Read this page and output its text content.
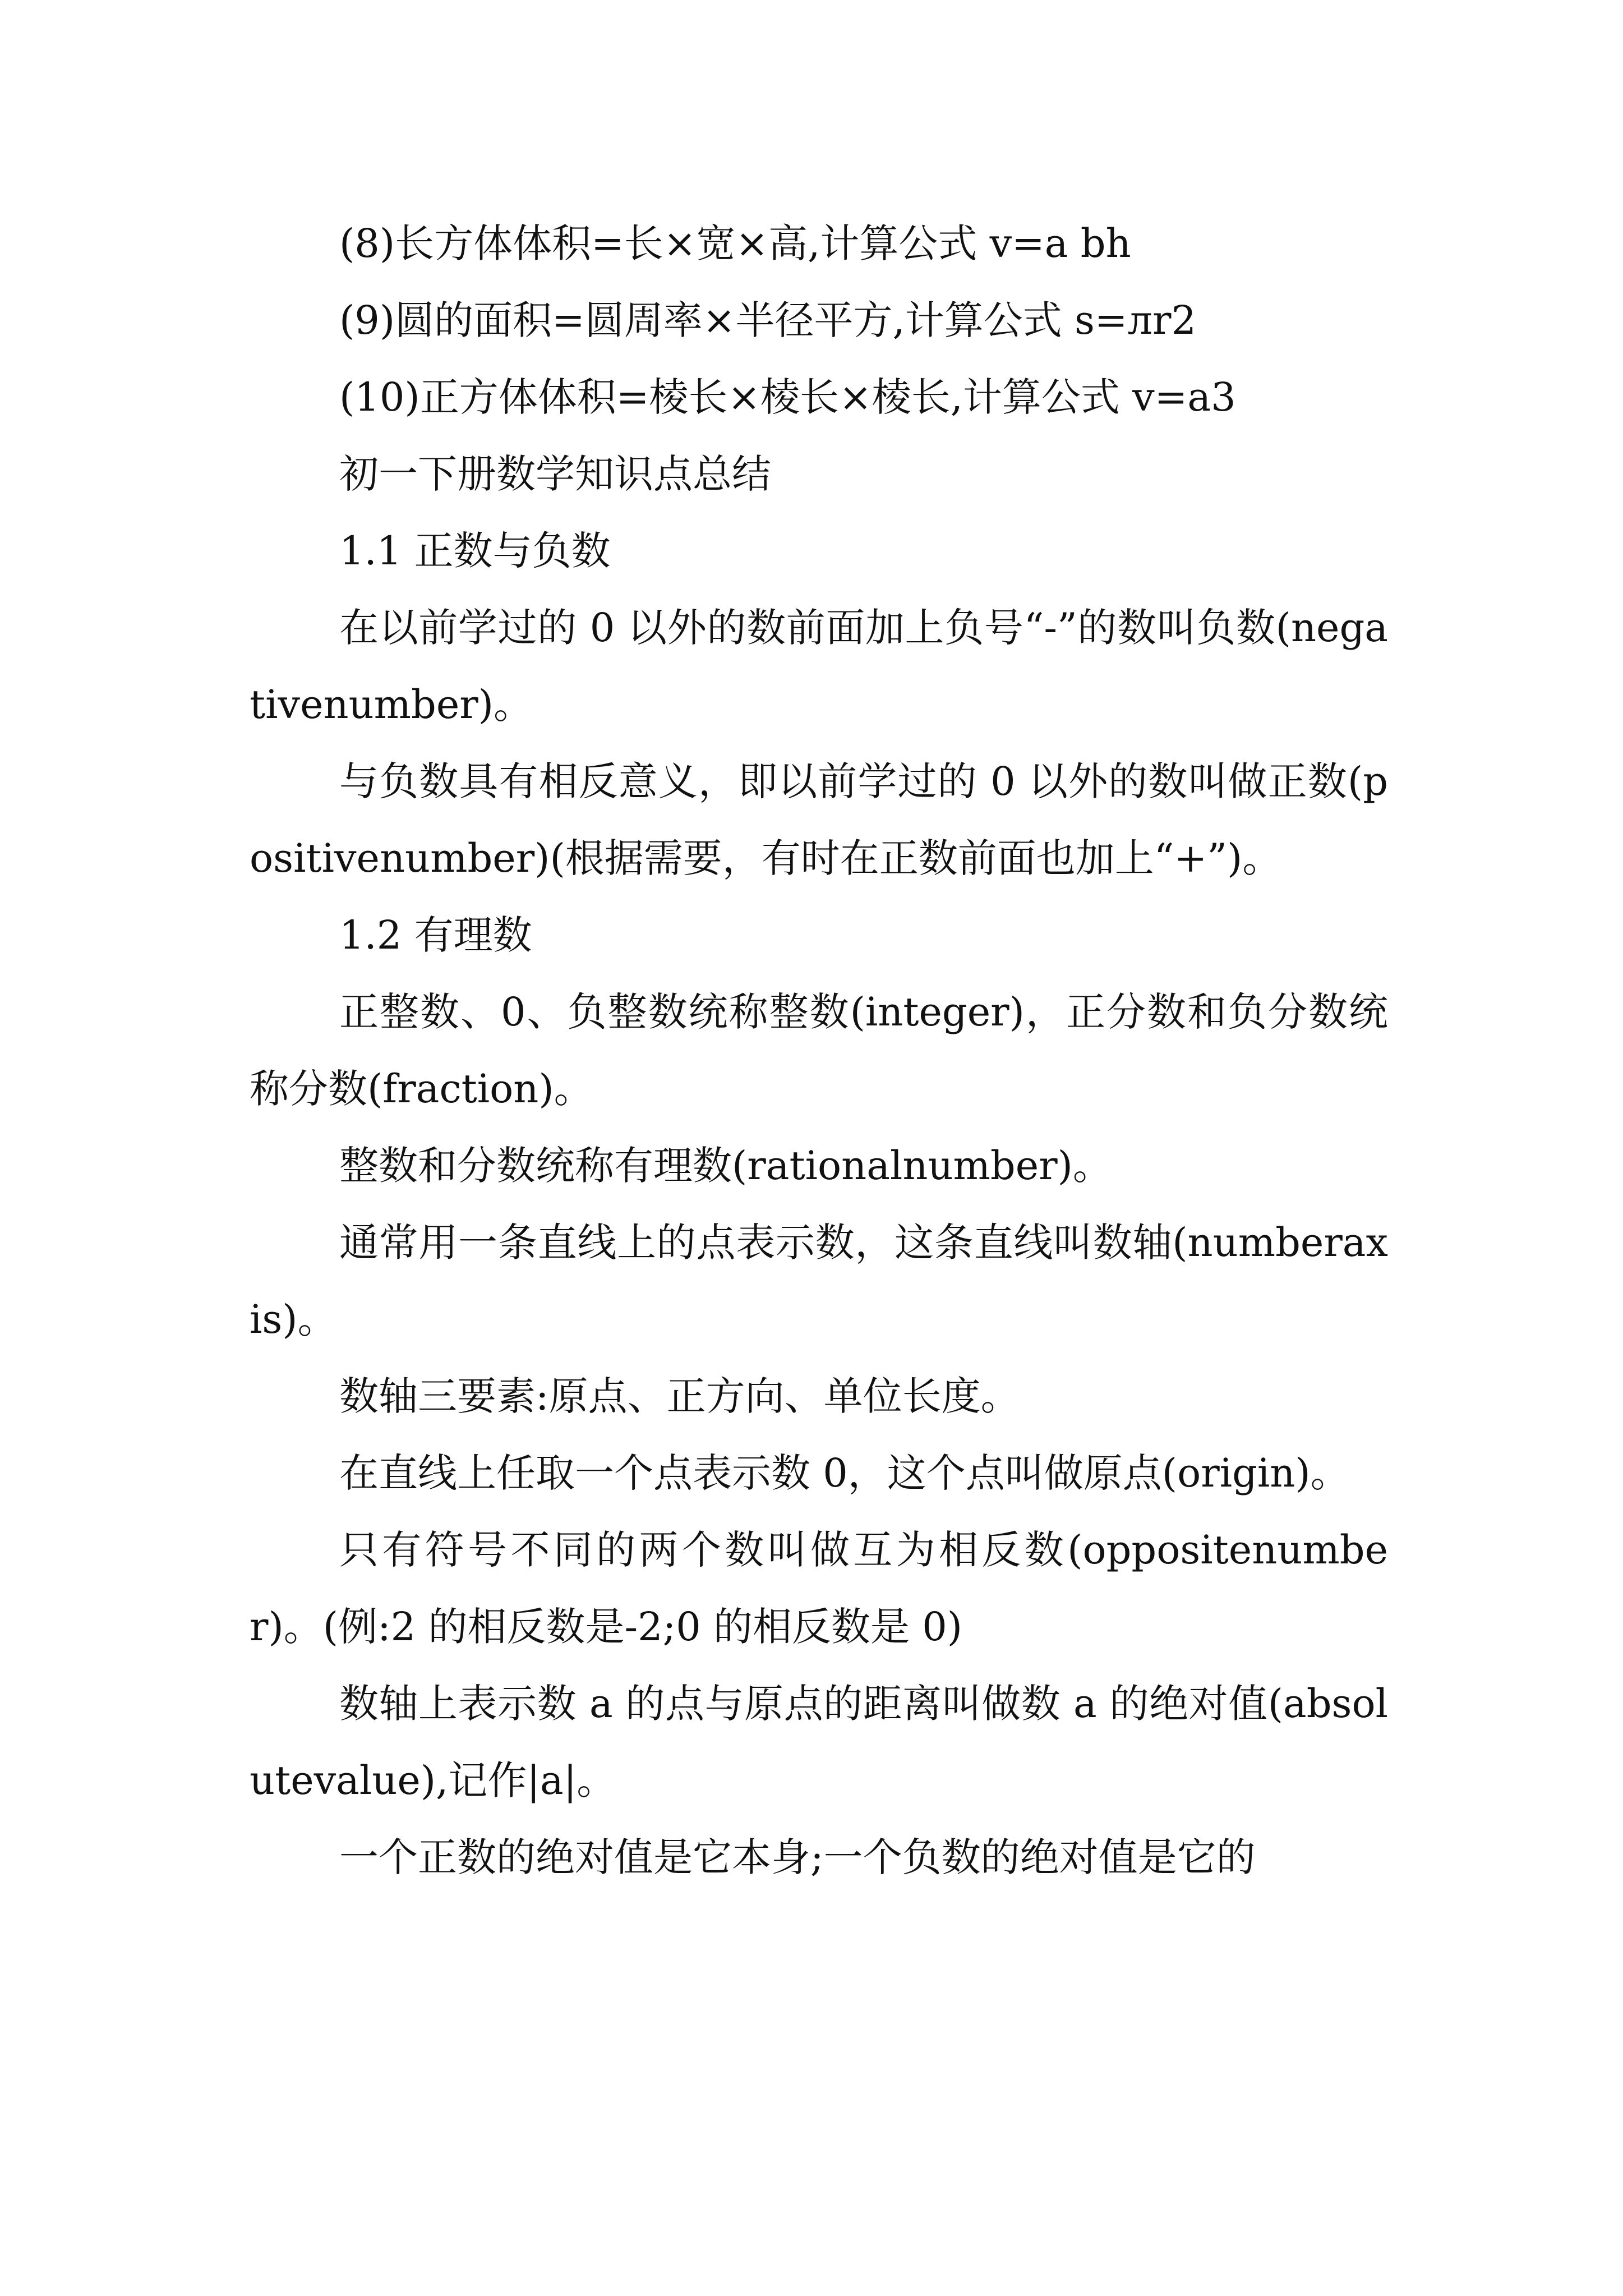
(8)长方体体积=长×宽×高,计算公式 v=a bh

(9)圆的面积=圆周率×半径平方,计算公式 s=лr2

(10)正方体体积=棱长×棱长×棱长,计算公式 v=a3

初一下册数学知识点总结

1.1 正数与负数

在以前学过的 0 以外的数前面加上负号“-”的数叫负数(negativenumber)。

与负数具有相反意义，即以前学过的 0 以外的数叫做正数(positivenumber)(根据需要，有时在正数前面也加上“+”)。

1.2 有理数

正整数、0、负整数统称整数(integer)，正分数和负分数统称分数(fraction)。

整数和分数统称有理数(rationalnumber)。

通常用一条直线上的点表示数，这条直线叫数轴(numberaxis)。

数轴三要素:原点、正方向、单位长度。

在直线上任取一个点表示数 0，这个点叫做原点(origin)。

只有符号不同的两个数叫做互为相反数(oppositenumber)。(例:2 的相反数是-2;0 的相反数是 0)

数轴上表示数 a 的点与原点的距离叫做数 a 的绝对值(absolutevalue),记作|a|。

一个正数的绝对值是它本身;一个负数的绝对值是它的
